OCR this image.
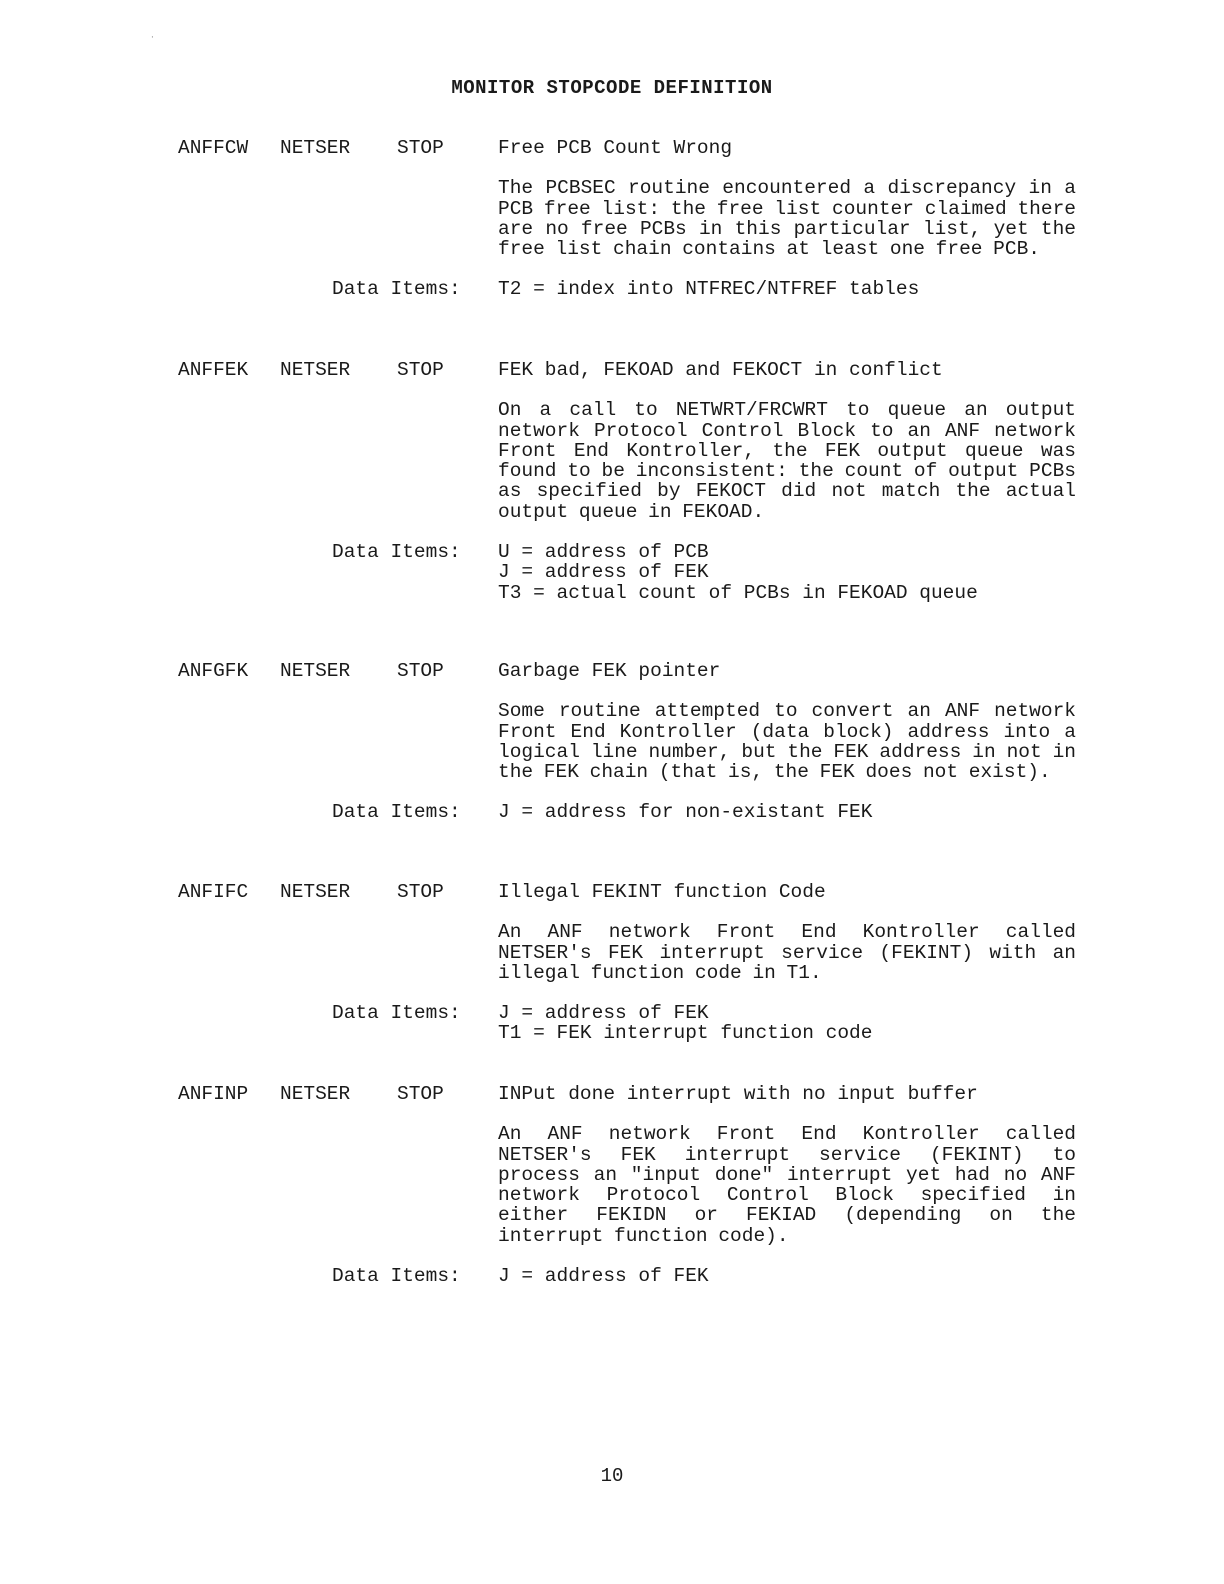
·
MONITOR STOPCODE DEFINITION
ANFFCW NETSER STOP	Free PCB Count Wrong

The PCBSEC routine encountered a discrepancy in a PCB free list: the free list counter claimed there are no free PCBs in this particular list, yet the free list chain contains at least one free PCB.

Data Items: T2 = index into NTFREC/NTFREF tables

ANFFEK NETSER STOP	FEK bad, FEKOAD and FEKOCT in conflict

On a call to NETWRT/FRCWRT to queue an output network Protocol Control Block to an ANF network Front End Kontroller, the FEK output queue was found to be inconsistent: the count of output PCBs as specified by FEKOCT did not match the actual output queue in FEKOAD.

Data Items: U = address of PCB

J = address of FEK

T3 = actual count of PCBs in FEKOAD queue

ANFGFK NETSER STOP	Garbage FEK pointer

Some routine attempted to convert an ANF network Front End Kontroller (data block) address into a logical line number, but the FEK address in not in the FEK chain (that is, the FEK does not exist).

Data Items: J = address for non-existant FEK

ANFIFC NETSER STOP	Illegal FEKINT function Code

An ANF network Front End Kontroller called NETSER's FEK interrupt service (FEKINT) with an illegal function code in T1.

Data Items: J = address of FEK

T1 = FEK interrupt function code

ANFINP NETSER STOP	INPut done interrupt with no input buffer

An ANF network Front End Kontroller called NETSER's FEK interrupt service (FEKINT) to process an "input done" interrupt yet had no ANF network Protocol Control Block specified in either FEKIDN or FEKIAD (depending on the interrupt function code).

Data Items: J = address of FEK

10
